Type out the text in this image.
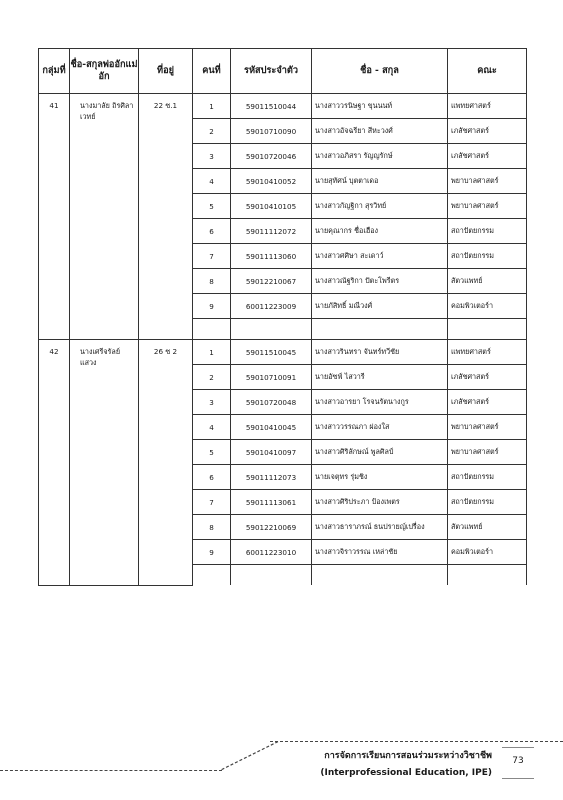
กลุ่มที่	ชื่อ-สกุลพ่ออักแม่อัก	ที่อยู่	คนที่	รหัสประจำตัว	ชื่อ - สกุล	คณะ
41	นางมาลัย ถิรศิลาเวทย์	22 ซ.1	1	59011510044	นางสาววรนิษฐา ขุนนนท์	แพทยศาสตร์
			2	59010710090	นางสาวอัจฉรียา สีหะวงศ์	เภสัชศาสตร์
			3	59010720046	นางสาวอภิสรา รัญญรักษ์	เภสัชศาสตร์
			4	59010410052	นายสุทัศน์ บุตตาเดอ	พยาบาลศาสตร์
			5	59010410105	นางสาวกัญฐิกา สุรวิทย์	พยาบาลศาสตร์
			6	59011112072	นายคุณากร ชื่อเฮือง	สถาปัตยกรรม
			7	59011113060	นางสาวศศิษา สะเดาว์	สถาปัตยกรรม
			8	59012210067	นางสาวณัฐริกา ปัตะโพรีตร	สัตวแพทย์
			9	60011223009	นายภัสิทธิ์ มณีวงศ์	คอมพิวเตอร์า

42	นางเศรีจรัลย์ แสวง	26 ซ 2	1	59011510045	นางสาวรินทรา จันทร์ทวีชัย	แพทยศาสตร์
			2	59010710091	นายอัซฟ์ ไสวารี	เภสัชศาสตร์
			3	59010720048	นางสาวอารยา โรจนรัตนางกูร	เภสัชศาสตร์
			4	59010410045	นางสาววรรณภา ผ่องใส	พยาบาลศาสตร์
			5	59010410097	นางสาวศิริลักษณ์ พูลศิลป์	พยาบาลศาสตร์
			6	59011112073	นายเจตุทร รุ่มชิง	สถาปัตยกรรม
			7	59011113061	นางสาวศิริประภา ป้องเพตร	สถาปัตยกรรม
			8	59012210069	นางสาวธาราภรณ์ ธนปรายญ์เปรื่อง	สัตวแพทย์
			9	60011223010	นางสาวจิราวรรณ เหล่าชัย	คอมพิวเตอร์า

การจัดการเรียนการสอนร่วมระหว่างวิชาชีพ
(Interprofessional Education, IPE)
73
